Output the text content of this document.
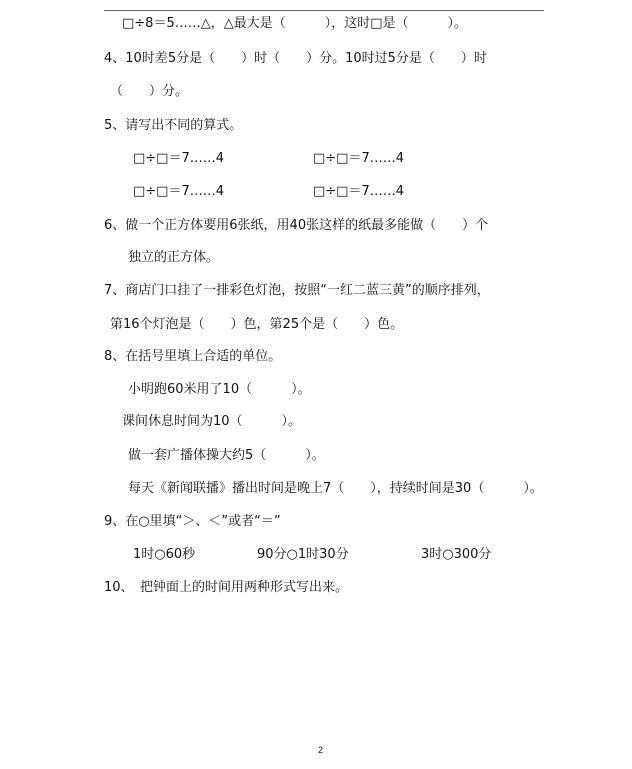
□÷8＝5……△，△最大是（　　　），这时□是（　　　）。
4、10时差5分是（　　）时（　　）分。10时过5分是（　　）时
（　　）分。
5、请写出不同的算式。
□÷□＝7……4	□÷□＝7……4
□÷□＝7……4	□÷□＝7……4
6、做一个正方体要用6张纸，用40张这样的纸最多能做（　　）个
独立的正方体。
7、商店门口挂了一排彩色灯泡，按照“一红二蓝三黄”的顺序排列，
第16个灯泡是（　　）色，第25个是（　　）色。
8、在括号里填上合适的单位。
小明跑60米用了10（　　　）。
课间休息时间为10（　　　）。
做一套广播体操大约5（　　　）。
每天《新闻联播》播出时间是晚上7（　　），持续时间是30（　　　）。
9、在○里填“＞、＜”或者“＝”
1时○60秒	90分○1时30分	3时○300分
10、　把钟面上的时间用两种形式写出来。
2
